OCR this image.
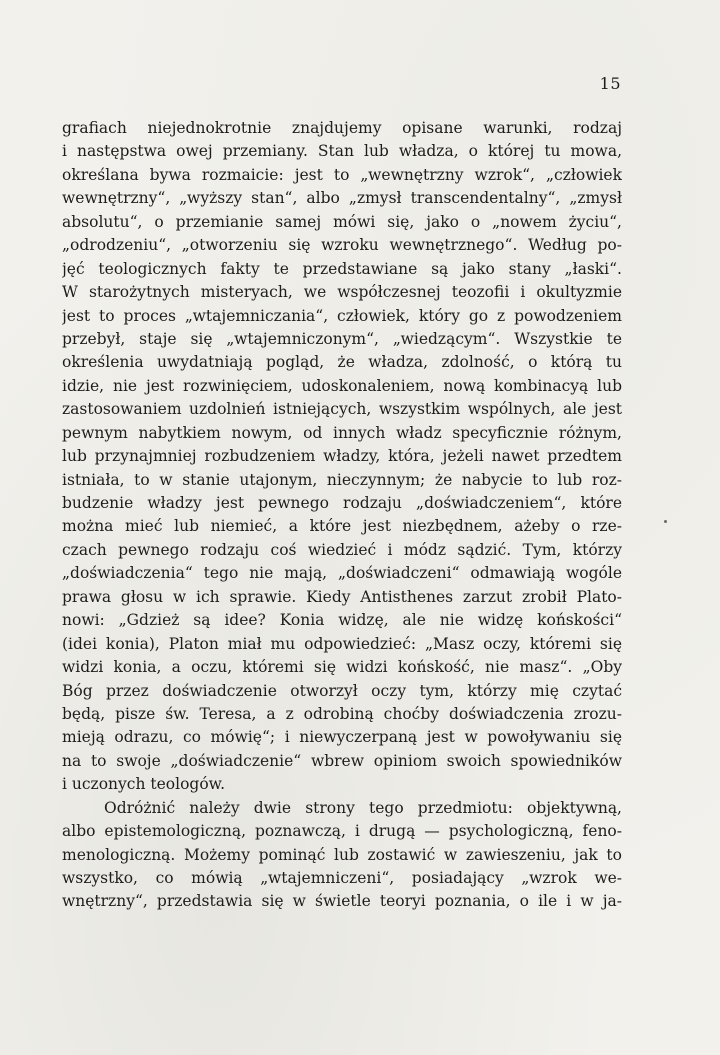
15
grafiach niejednokrotnie znajdujemy opisane warunki, rodzaj
i następstwa owej przemiany. Stan lub władza, o której tu mowa,
określana bywa rozmaicie: jest to „wewnętrzny wzrok“, „człowiek
wewnętrzny“, „wyższy stan“, albo „zmysł transcendentalny“, „zmysł
absolutu“, o przemianie samej mówi się, jako o „nowem życiu“,
„odrodzeniu“, „otworzeniu się wzroku wewnętrznego“. Według po-
jęć teologicznych fakty te przedstawiane są jako stany „łaski“.
W starożytnych misteryach, we współczesnej teozofii i okultyzmie
jest to proces „wtajemniczania“, człowiek, który go z powodzeniem
przebył, staje się „wtajemniczonym“, „wiedzącym“. Wszystkie te
określenia uwydatniają pogląd, że władza, zdolność, o którą tu
idzie, nie jest rozwinięciem, udoskonaleniem, nową kombinacyą lub
zastosowaniem uzdolnień istniejących, wszystkim wspólnych, ale jest
pewnym nabytkiem nowym, od innych władz specyficznie różnym,
lub przynajmniej rozbudzeniem władzy, która, jeżeli nawet przedtem
istniała, to w stanie utajonym, nieczynnym; że nabycie to lub roz-
budzenie władzy jest pewnego rodzaju „doświadczeniem“, które
można mieć lub niemieć, a które jest niezbędnem, ażeby o rze-
czach pewnego rodzaju coś wiedzieć i módz sądzić. Tym, którzy
„doświadczenia“ tego nie mają, „doświadczeni“ odmawiają wogóle
prawa głosu w ich sprawie. Kiedy Antisthenes zarzut zrobił Plato-
nowi: „Gdzież są idee? Konia widzę, ale nie widzę końskości“
(idei konia), Platon miał mu odpowiedzieć: „Masz oczy, któremi się
widzi konia, a oczu, któremi się widzi końskość, nie masz“. „Oby
Bóg przez doświadczenie otworzył oczy tym, którzy mię czytać
będą, pisze św. Teresa, a z odrobiną choćby doświadczenia zrozu-
mieją odrazu, co mówię“; i niewyczerpaną jest w powoływaniu się
na to swoje „doświadczenie“ wbrew opiniom swoich spowiedników
i uczonych teologów.
Odróżnić należy dwie strony tego przedmiotu: objektywną,
albo epistemologiczną, poznawczą, i drugą — psychologiczną, feno-
menologiczną. Możemy pominąć lub zostawić w zawieszeniu, jak to
wszystko, co mówią „wtajemniczeni“, posiadający „wzrok we-
wnętrzny“, przedstawia się w świetle teoryi poznania, o ile i w ja-
